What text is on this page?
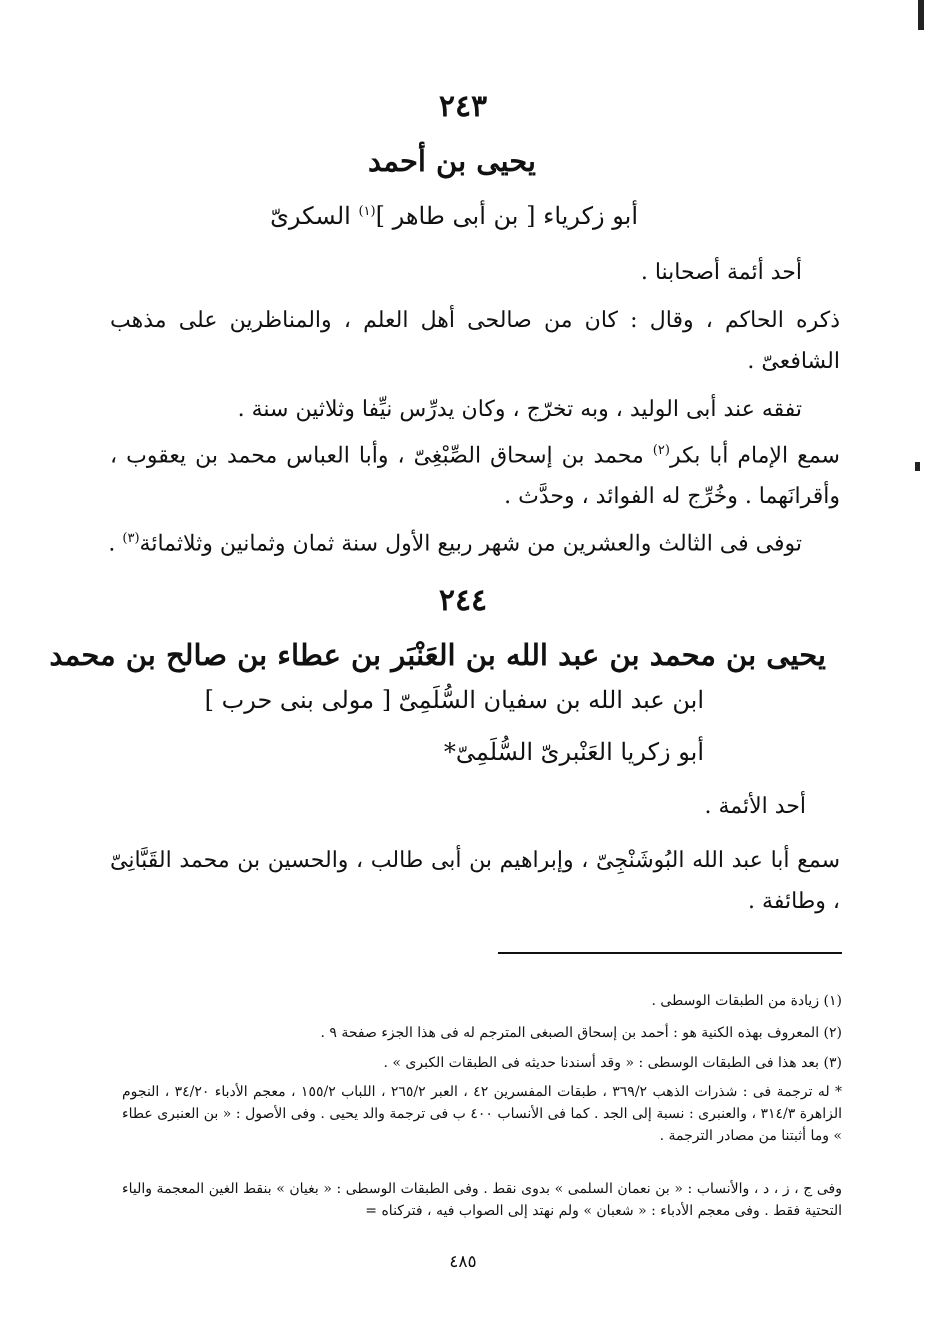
٢٤٣
يحيى بن أحمد
أبو زكرياء [ بن أبى طاهر ]$^{(١)}$ السكرىّ
أحد أئمة أصحابنا .
ذكره الحاكم ، وقال : كان من صالحى أهل العلم ، والمناظرين على مذهب الشافعىّ .
تفقه عند أبى الوليد ، وبه تخرّج ، وكان يدرِّس نيِّفا وثلاثين سنة .
سمع الإمام أبا بكر$^{(٢)}$ محمد بن إسحاق الصِّبْغِىّ ، وأبا العباس محمد بن يعقوب ، وأقرانَهما . وخُرِّج له الفوائد ، وحدَّث .
توفى فى الثالث والعشرين من شهر ربيع الأول سنة ثمان وثمانين وثلاثمائة$^{(٣)}$ .
٢٤٤
يحيى بن محمد بن عبد الله بن العَنْبَر بن عطاء بن صالح بن محمد
ابن عبد الله بن سفيان السُّلَمِىّ [ مولى بنى حرب ]
أبو زكريا العَنْبرىّ السُّلَمِىّ*
أحد الأئمة .
سمع أبا عبد الله البُوشَنْجِىّ ، وإبراهيم بن أبى طالب ، والحسين بن محمد القَبَّانِىّ ، وطائفة .
(١) زيادة من الطبقات الوسطى .
(٢) المعروف بهذه الكنية هو : أحمد بن إسحاق الصبغى المترجم له فى هذا الجزء صفحة ٩ .
(٣) بعد هذا فى الطبقات الوسطى : « وقد أسندنا حديثه فى الطبقات الكبرى » .
* له ترجمة فى : شذرات الذهب ٣٦٩/٢ ، طبقات المفسرين ٤٢ ، العبر ٢٦٥/٢ ، اللباب ١٥٥/٢ ، معجم الأدباء ٣٤/٢٠ ، النجوم الزاهرة ٣١٤/٣ ، والعنبرى : نسبة إلى الجد . كما فى الأنساب ٤٠٠ ب فى ترجمة والد يحيى . وفى الأصول : « بن العنبرى عطاء » وما أثبتنا من مصادر الترجمة .
وفى ج ، ز ، د ، والأنساب : « بن نعمان السلمى » بدوى نقط . وفى الطبقات الوسطى : « بغيان » بنقط الغين المعجمة والياء التحتية فقط . وفى معجم الأدباء : « شعبان » ولم نهتد إلى الصواب فيه ، فتركناه =
٤٨٥
